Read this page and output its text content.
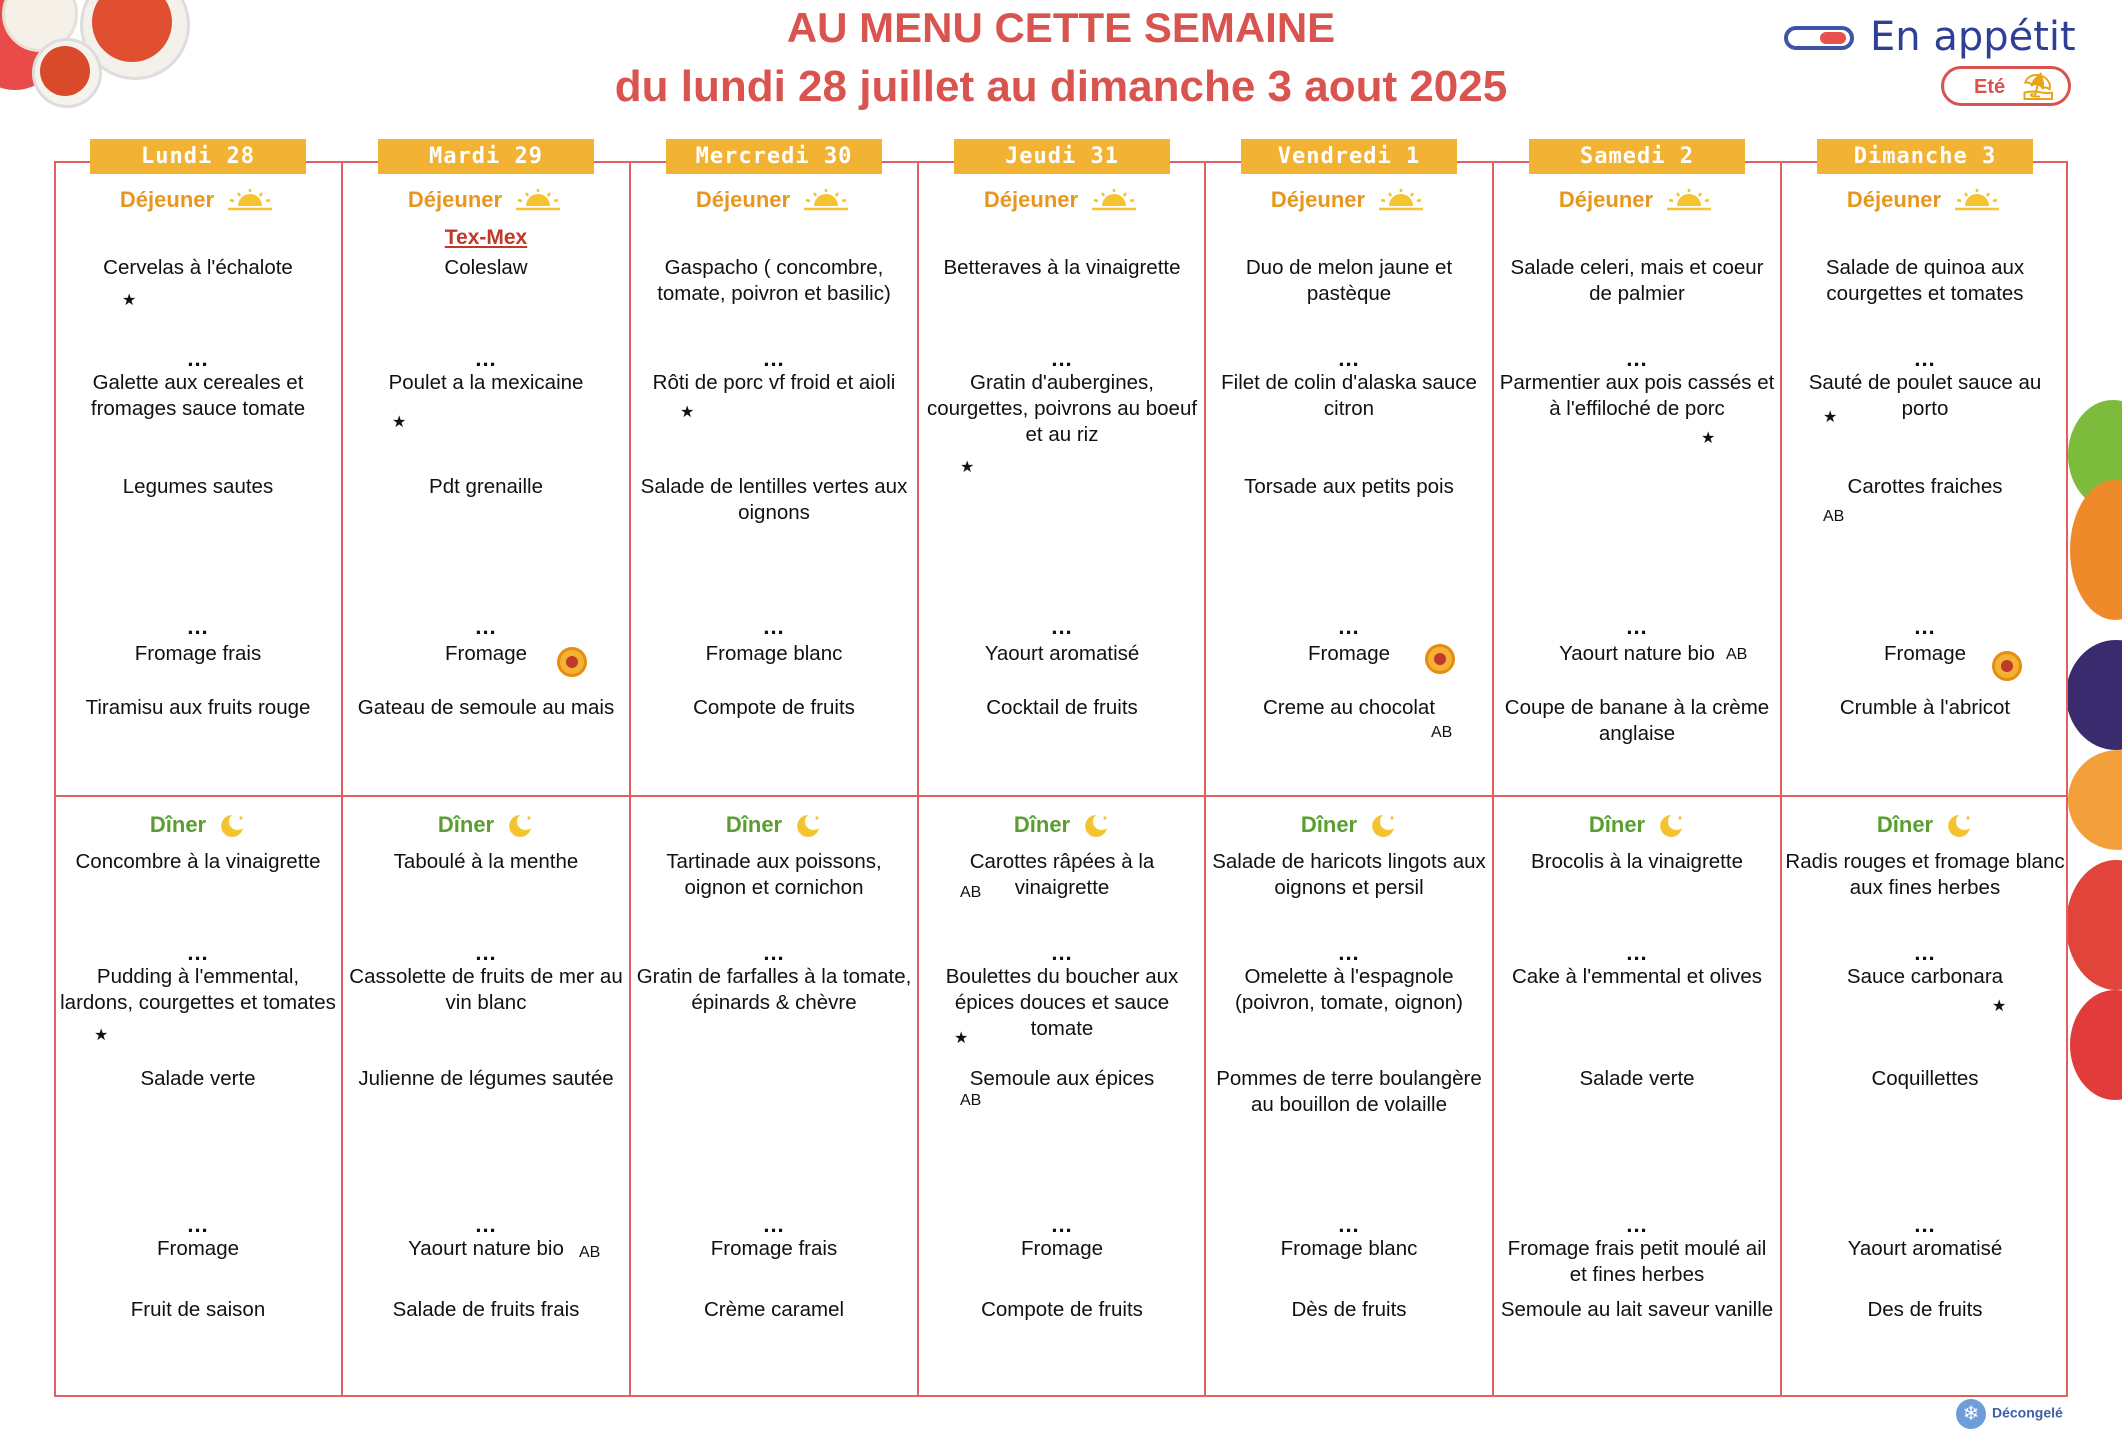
AU MENU CETTE SEMAINE
du lundi 28 juillet au dimanche 3 aout 2025
En appétit
Eté ⛱
Lundi 28
Déjeuner
Cervelas à l'échalote
...
Galette aux cereales et fromages sauce tomate
Legumes sautes
...
Fromage frais
Tiramisu aux fruits rouge
Dîner
Concombre à la vinaigrette
...
Pudding à l'emmental, lardons, courgettes et tomates
Salade verte
...
Fromage
Fruit de saison
Mardi 29
Déjeuner
Tex-Mex
Coleslaw
...
Poulet a la mexicaine
Pdt grenaille
...
Fromage
Gateau de semoule au mais
Dîner
Taboulé à la menthe
...
Cassolette de fruits de mer au vin blanc
Julienne de légumes sautée
...
Yaourt nature bio
Salade de fruits frais
Mercredi 30
Déjeuner
Gaspacho ( concombre, tomate, poivron et basilic)
...
Rôti de porc vf froid et aioli
Salade de lentilles vertes aux oignons
...
Fromage blanc
Compote de fruits
Dîner
Tartinade aux poissons, oignon et cornichon
...
Gratin de farfalles à la tomate, épinards & chèvre
...
Fromage frais
Crème caramel
Jeudi 31
Déjeuner
Betteraves à la vinaigrette
...
Gratin d'aubergines, courgettes, poivrons au boeuf et au riz
...
Yaourt aromatisé
Cocktail de fruits
Dîner
Carottes râpées à la vinaigrette
...
Boulettes du boucher aux épices douces et sauce tomate
Semoule aux épices
...
Fromage
Compote de fruits
Vendredi 1
Déjeuner
Duo de melon jaune et pastèque
...
Filet de colin d'alaska sauce citron
Torsade aux petits pois
...
Fromage
Creme au chocolat
Dîner
Salade de haricots lingots aux oignons et persil
...
Omelette à l'espagnole (poivron, tomate, oignon)
Pommes de terre boulangère au bouillon de volaille
...
Fromage blanc
Dès de fruits
Samedi 2
Déjeuner
Salade celeri, mais et coeur de palmier
...
Parmentier aux pois cassés et à l'effiloché de porc
...
Yaourt nature bio
Coupe de banane à la crème anglaise
Dîner
Brocolis à la vinaigrette
...
Cake à l'emmental et olives
Salade verte
...
Fromage frais petit moulé ail et fines herbes
Semoule au lait saveur vanille
Dimanche 3
Déjeuner
Salade de quinoa aux courgettes et tomates
...
Sauté de poulet sauce au porto
Carottes fraiches
...
Fromage
Crumble à l'abricot
Dîner
Radis rouges et fromage blanc aux fines herbes
...
Sauce carbonara
Coquillettes
...
Yaourt aromatisé
Des de fruits
★
★
★
★
AB
★
AB
★
AB
★
AB
AB
★
AB
★
❄ Décongelé
